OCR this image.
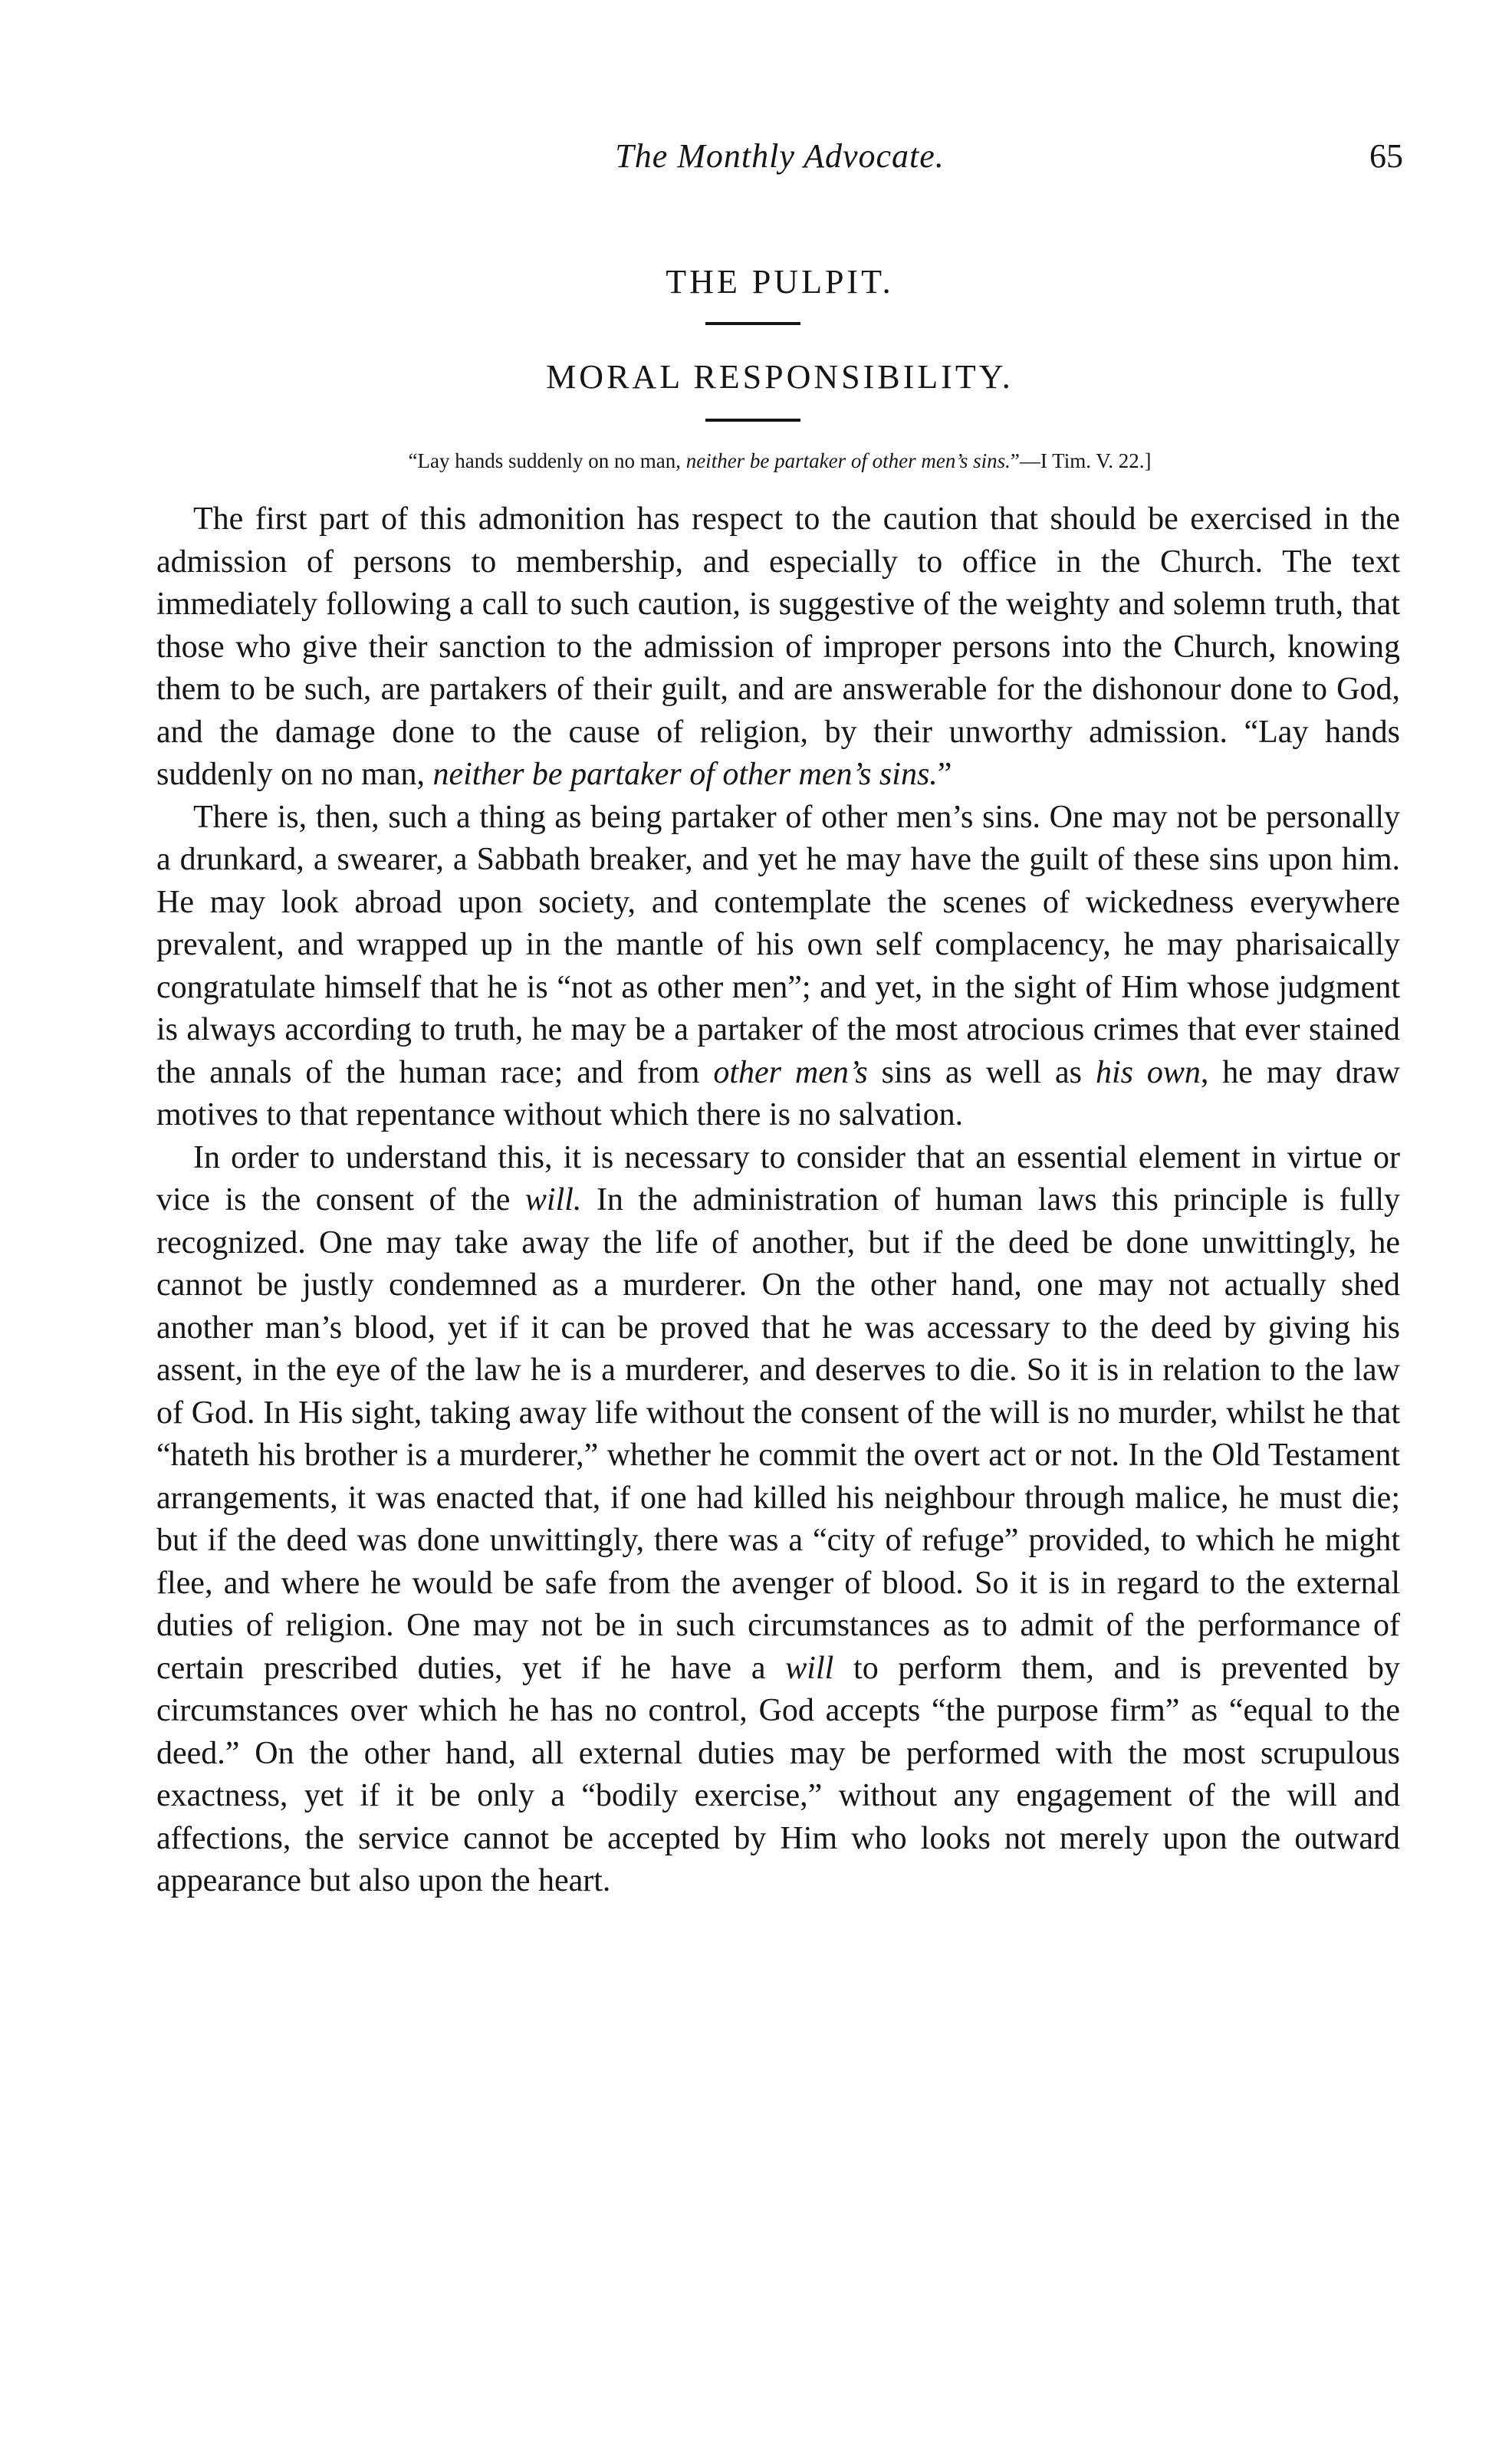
The Monthly Advocate.	65
THE PULPIT.
MORAL RESPONSIBILITY.
“Lay hands suddenly on no man, neither be partaker of other men’s sins.”—I Tim. V. 22.]

The first part of this admonition has respect to the caution that should be exercised in the admission of persons to membership, and especially to office in the Church. The text immediately following a call to such caution, is suggestive of the weighty and solemn truth, that those who give their sanction to the admission of improper persons into the Church, knowing them to be such, are partakers of their guilt, and are answerable for the dishonour done to God, and the damage done to the cause of religion, by their unworthy admission. “Lay hands suddenly on no man, neither be partaker of other men’s sins.”

There is, then, such a thing as being partaker of other men’s sins. One may not be personally a drunkard, a swearer, a Sabbath breaker, and yet he may have the guilt of these sins upon him. He may look abroad upon society, and contemplate the scenes of wickedness everywhere prevalent, and wrapped up in the mantle of his own self complacency, he may pharisaically congratulate himself that he is “not as other men”; and yet, in the sight of Him whose judgment is always according to truth, he may be a partaker of the most atrocious crimes that ever stained the annals of the human race; and from other men’s sins as well as his own, he may draw motives to that repentance without which there is no salvation.

In order to understand this, it is necessary to consider that an essential element in virtue or vice is the consent of the will. In the administration of human laws this principle is fully recognized. One may take away the life of another, but if the deed be done unwittingly, he cannot be justly condemned as a murderer. On the other hand, one may not actually shed another man’s blood, yet if it can be proved that he was accessary to the deed by giving his assent, in the eye of the law he is a murderer, and deserves to die. So it is in relation to the law of God. In His sight, taking away life without the consent of the will is no murder, whilst he that “hateth his brother is a murderer,” whether he commit the overt act or not. In the Old Testament arrangements, it was enacted that, if one had killed his neighbour through malice, he must die; but if the deed was done unwittingly, there was a “city of refuge” provided, to which he might flee, and where he would be safe from the avenger of blood. So it is in regard to the external duties of religion. One may not be in such circumstances as to admit of the performance of certain prescribed duties, yet if he have a will to perform them, and is prevented by circumstances over which he has no control, God accepts “the purpose firm” as “equal to the deed.” On the other hand, all external duties may be performed with the most scrupulous exactness, yet if it be only a “bodily exercise,” without any engagement of the will and affections, the service cannot be accepted by Him who looks not merely upon the outward appearance but also upon the heart.
